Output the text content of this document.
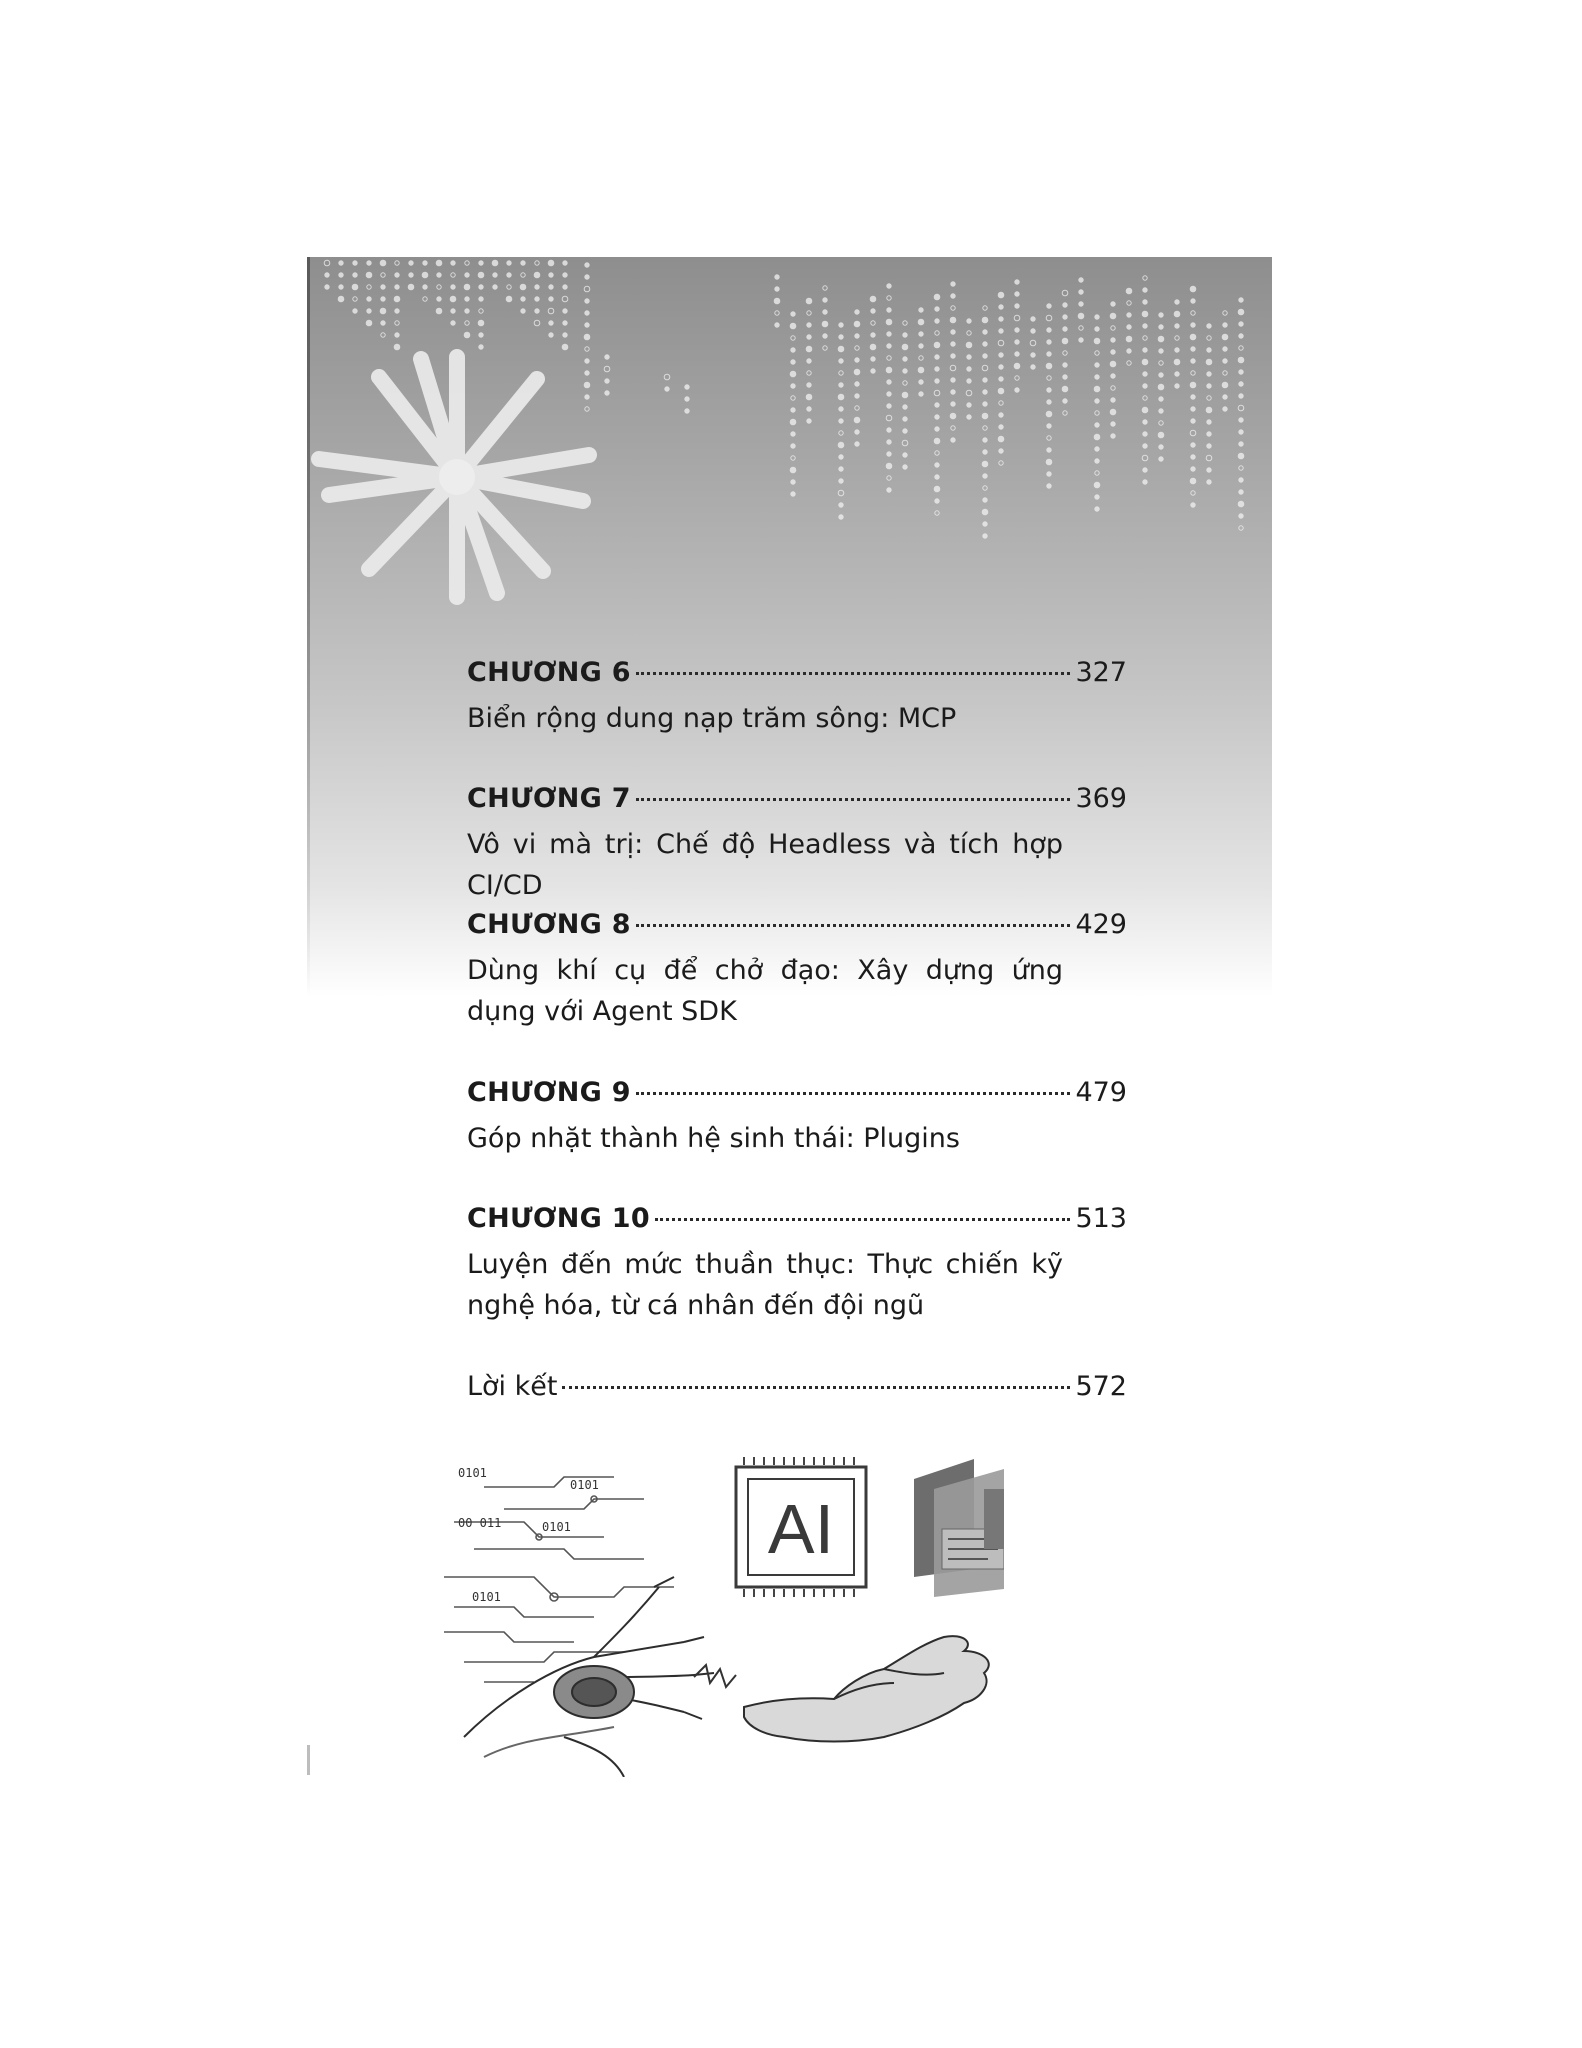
CHƯƠNG 6	327
Biển rộng dung nạp trăm sông: MCP
CHƯƠNG 7	369
Vô vi mà trị: Chế độ Headless và tích hợp CI/CD
CHƯƠNG 8	429
Dùng khí cụ để chở đạo: Xây dựng ứng dụng với Agent SDK
CHƯƠNG 9	479
Góp nhặt thành hệ sinh thái: Plugins
CHƯƠNG 10	513
Luyện đến mức thuần thục: Thực chiến kỹ nghệ hóa, từ cá nhân đến đội ngũ
Lời kết	572
0101
0101
00 011	0101
0101
AI
